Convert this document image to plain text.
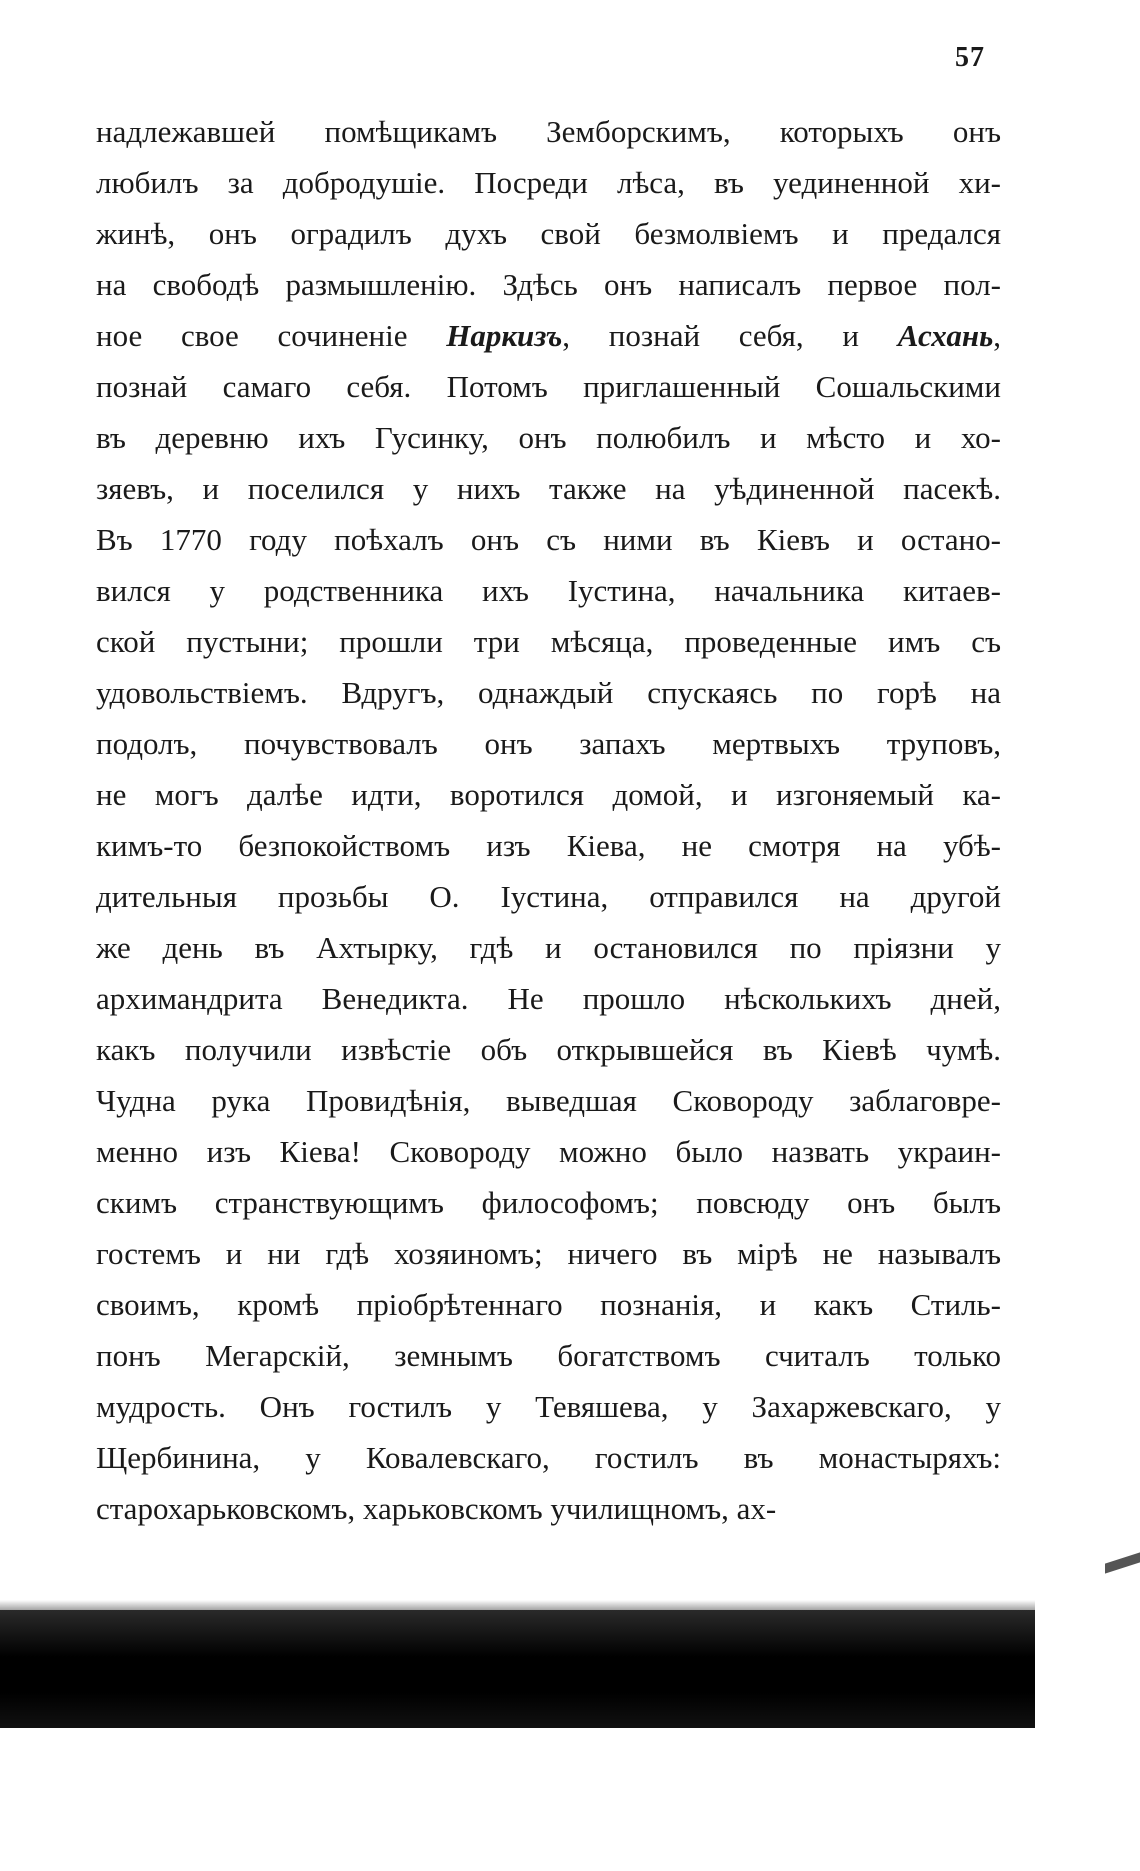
57
надлежавшей помѣщикамъ Земборскимъ, которыхъ онъ
любилъ за добродушіе. Посреди лѣса, въ уединенной хи-
жинѣ, онъ оградилъ духъ свой безмолвіемъ и предался
на свободѣ размышленію. Здѣсь онъ написалъ первое пол-
ное свое сочиненіе Наркизъ, познай себя, и Асхань,
познай самаго себя. Потомъ приглашенный Сошальскими
въ деревню ихъ Гусинку, онъ полюбилъ и мѣсто и хо-
зяевъ, и поселился у нихъ также на уѣдиненной пасекѣ.
Въ 1770 году поѣхалъ онъ съ ними въ Кіевъ и остано-
вился у родственника ихъ Іустина, начальника китаев-
ской пустыни; прошли три мѣсяца, проведенные имъ съ
удовольствіемъ. Вдругъ, однаждый спускаясь по горѣ на
подолъ, почувствовалъ онъ запахъ мертвыхъ труповъ,
не могъ далѣе идти, воротился домой, и изгоняемый ка-
кимъ-то безпокойствомъ изъ Кіева, не смотря на убѣ-
дительныя прозьбы О. Іустина, отправился на другой
же день въ Ахтырку, гдѣ и остановился по пріязни у
архимандрита Венедикта. Не прошло нѣсколькихъ дней,
какъ получили извѣстіе объ открывшейся въ Кіевѣ чумѣ.
Чудна рука Провидѣнія, выведшая Сковороду заблаговре-
менно изъ Кіева! Сковороду можно было назвать украин-
скимъ странствующимъ философомъ; повсюду онъ былъ
гостемъ и ни гдѣ хозяиномъ; ничего въ мірѣ не называлъ
своимъ, кромѣ пріобрѣтеннаго познанія, и какъ Стиль-
понъ Мегарскій, земнымъ богатствомъ считалъ только
мудрость. Онъ гостилъ у Тевяшева, у Захаржевскаго, у
Щербинина, у Ковалевскаго, гостилъ въ монастыряхъ:
старохарьковскомъ, харьковскомъ училищномъ, ах-
